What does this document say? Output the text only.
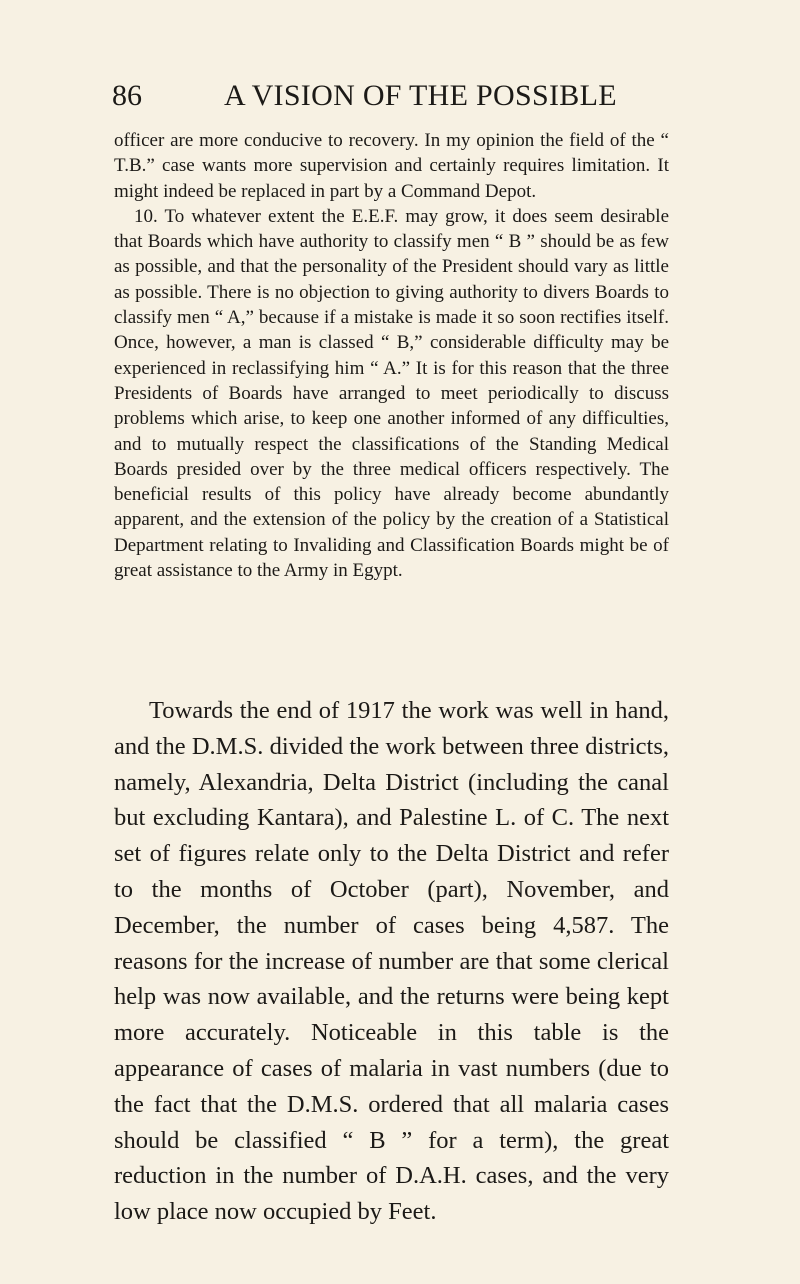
86	A VISION OF THE POSSIBLE
officer are more conducive to recovery. In my opinion the field of the “ T.B.” case wants more supervision and certainly requires limitation. It might indeed be replaced in part by a Command Depot.
10. To whatever extent the E.E.F. may grow, it does seem desirable that Boards which have authority to classify men “ B ” should be as few as possible, and that the personality of the President should vary as little as possible. There is no objection to giving authority to divers Boards to classify men “ A,” because if a mistake is made it so soon rectifies itself. Once, however, a man is classed “ B,” considerable difficulty may be experienced in reclassifying him “ A.” It is for this reason that the three Presidents of Boards have arranged to meet periodically to discuss problems which arise, to keep one another informed of any difficulties, and to mutually respect the classifications of the Standing Medical Boards presided over by the three medical officers respectively. The beneficial results of this policy have already become abundantly apparent, and the extension of the policy by the creation of a Statistical Department relating to Invaliding and Classification Boards might be of great assistance to the Army in Egypt.

Towards the end of 1917 the work was well in hand, and the D.M.S. divided the work between three districts, namely, Alexandria, Delta District (including the canal but excluding Kantara), and Palestine L. of C. The next set of figures relate only to the Delta District and refer to the months of October (part), November, and December, the number of cases being 4,587. The reasons for the increase of number are that some clerical help was now available, and the returns were being kept more accurately. Noticeable in this table is the appearance of cases of malaria in vast numbers (due to the fact that the D.M.S. ordered that all malaria cases should be classified “ B ” for a term), the great reduction in the number of D.A.H. cases, and the very low place now occupied by Feet.
